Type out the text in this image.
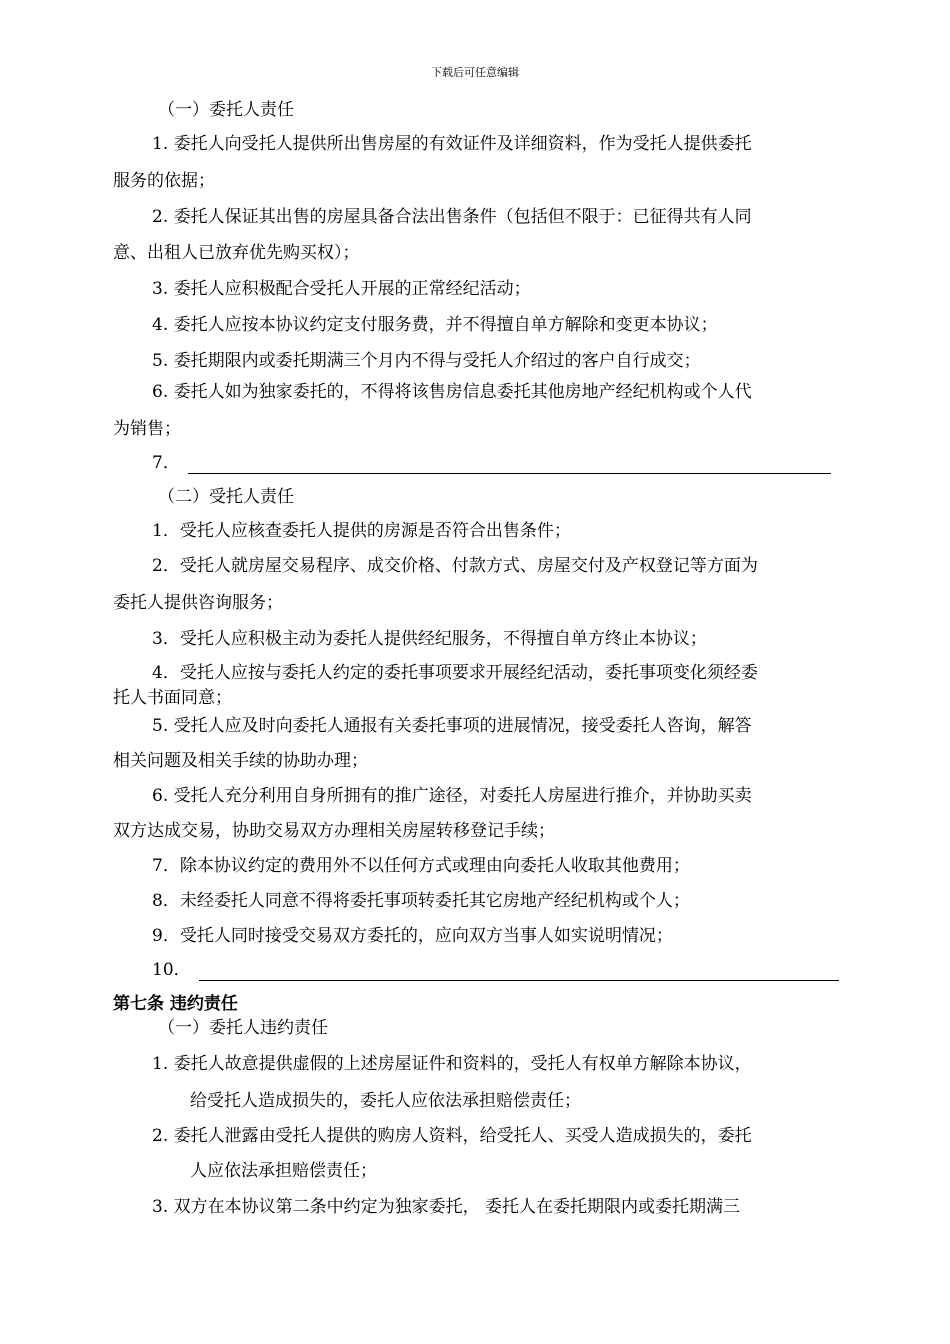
下载后可任意编辑
（一）委托人责任
1. 委托人向受托人提供所出售房屋的有效证件及详细资料，作为受托人提供委托
服务的依据；
2. 委托人保证其出售的房屋具备合法出售条件（包括但不限于：已征得共有人同
意、出租人已放弃优先购买权）；
3. 委托人应积极配合受托人开展的正常经纪活动；
4. 委托人应按本协议约定支付服务费，并不得擅自单方解除和变更本协议；
5. 委托期限内或委托期满三个月内不得与受托人介绍过的客户自行成交；
6. 委托人如为独家委托的，不得将该售房信息委托其他房地产经纪机构或个人代
为销售；
7．
（二）受托人责任
1．受托人应核查委托人提供的房源是否符合出售条件；
2．受托人就房屋交易程序、成交价格、付款方式、房屋交付及产权登记等方面为
委托人提供咨询服务；
3．受托人应积极主动为委托人提供经纪服务，不得擅自单方终止本协议；
4．受托人应按与委托人约定的委托事项要求开展经纪活动，委托事项变化须经委
托人书面同意；
5. 受托人应及时向委托人通报有关委托事项的进展情况，接受委托人咨询，解答
相关问题及相关手续的协助办理；
6. 受托人充分利用自身所拥有的推广途径，对委托人房屋进行推介，并协助买卖
双方达成交易，协助交易双方办理相关房屋转移登记手续；
7．除本协议约定的费用外不以任何方式或理由向委托人收取其他费用；
8．未经委托人同意不得将委托事项转委托其它房地产经纪机构或个人；
9．受托人同时接受交易双方委托的，应向双方当事人如实说明情况；
10．
第七条 违约责任
（一）委托人违约责任
1. 委托人故意提供虚假的上述房屋证件和资料的，受托人有权单方解除本协议，
给受托人造成损失的，委托人应依法承担赔偿责任；
2. 委托人泄露由受托人提供的购房人资料，给受托人、买受人造成损失的，委托
人应依法承担赔偿责任；
3. 双方在本协议第二条中约定为独家委托， 委托人在委托期限内或委托期满三
